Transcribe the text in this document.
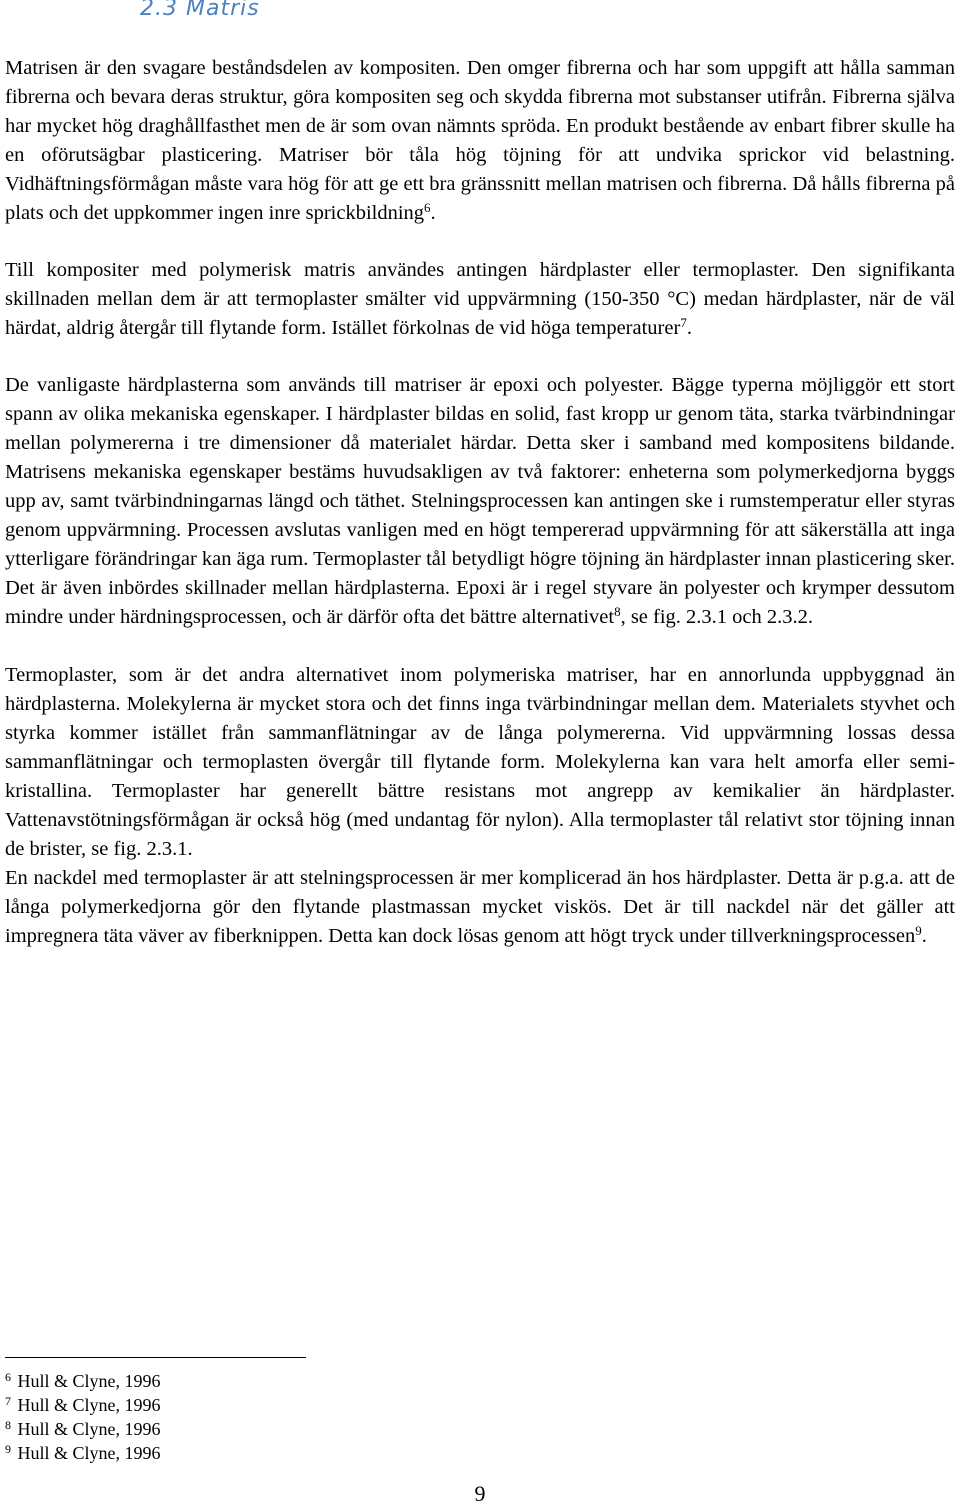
2.3 Matris

Matrisen är den svagare beståndsdelen av kompositen. Den omger fibrerna och har som uppgift att hålla samman fibrerna och bevara deras struktur, göra kompositen seg och skydda fibrerna mot substanser utifrån. Fibrerna själva har mycket hög draghållfasthet men de är som ovan nämnts spröda. En produkt bestående av enbart fibrer skulle ha en oförutsägbar plasticering. Matriser bör tåla hög töjning för att undvika sprickor vid belastning. Vidhäftningsförmågan måste vara hög för att ge ett bra gränssnitt mellan matrisen och fibrerna. Då hålls fibrerna på plats och det uppkommer ingen inre sprickbildning$^6$.

Till kompositer med polymerisk matris användes antingen härdplaster eller termoplaster. Den signifikanta skillnaden mellan dem är att termoplaster smälter vid uppvärmning (150-350 °C) medan härdplaster, när de väl härdat, aldrig återgår till flytande form. Istället förkolnas de vid höga temperaturer$^7$.

De vanligaste härdplasterna som används till matriser är epoxi och polyester. Bägge typerna möjliggör ett stort spann av olika mekaniska egenskaper. I härdplaster bildas en solid, fast kropp ur genom täta, starka tvärbindningar mellan polymererna i tre dimensioner då materialet härdar. Detta sker i samband med kompositens bildande. Matrisens mekaniska egenskaper bestäms huvudsakligen av två faktorer: enheterna som polymerkedjorna byggs upp av, samt tvärbindningarnas längd och täthet. Stelningsprocessen kan antingen ske i rumstemperatur eller styras genom uppvärmning. Processen avslutas vanligen med en högt tempererad uppvärmning för att säkerställa att inga ytterligare förändringar kan äga rum. Termoplaster tål betydligt högre töjning än härdplaster innan plasticering sker. Det är även inbördes skillnader mellan härdplasterna. Epoxi är i regel styvare än polyester och krymper dessutom mindre under härdningsprocessen, och är därför ofta det bättre alternativet$^8$, se fig. 2.3.1 och 2.3.2.

Termoplaster, som är det andra alternativet inom polymeriska matriser, har en annorlunda uppbyggnad än härdplasterna. Molekylerna är mycket stora och det finns inga tvärbindningar mellan dem. Materialets styvhet och styrka kommer istället från sammanflätningar av de långa polymererna. Vid uppvärmning lossas dessa sammanflätningar och termoplasten övergår till flytande form. Molekylerna kan vara helt amorfa eller semi-kristallina. Termoplaster har generellt bättre resistans mot angrepp av kemikalier än härdplaster. Vattenavstötningsförmågan är också hög (med undantag för nylon). Alla termoplaster tål relativt stor töjning innan de brister, se fig. 2.3.1.

En nackdel med termoplaster är att stelningsprocessen är mer komplicerad än hos härdplaster. Detta är p.g.a. att de långa polymerkedjorna gör den flytande plastmassan mycket viskös. Det är till nackdel när det gäller att impregnera täta väver av fiberknippen. Detta kan dock lösas genom att högt tryck under tillverkningsprocessen$^9$.

$^6$ Hull & Clyne, 1996
$^7$ Hull & Clyne, 1996
$^8$ Hull & Clyne, 1996
$^9$ Hull & Clyne, 1996
9
